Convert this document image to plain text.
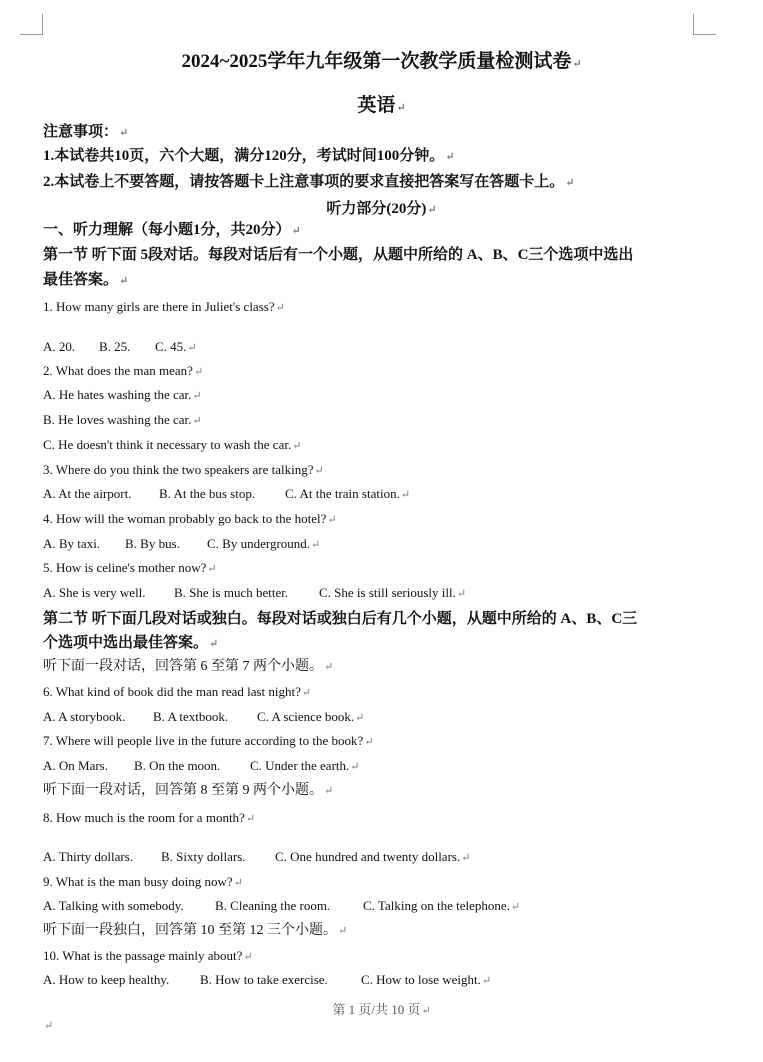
2024~2025学年九年级第一次教学质量检测试卷↵
英语↵
注意事项：↵
1.本试卷共10页，六个大题，满分120分，考试时间100分钟。↵
2.本试卷上不要答题，请按答题卡上注意事项的要求直接把答案写在答题卡上。↵
听力部分(20分)↵
一、听力理解（每小题1分，共20分）↵
第一节 听下面 5段对话。每段对话后有一个小题，从题中所给的 A、B、C三个选项中选出
最佳答案。↵
1. How many girls are there in Juliet's class?↵
A. 20. B. 25. C. 45.↵
2. What does the man mean?↵
A. He hates washing the car.↵
B. He loves washing the car.↵
C. He doesn't think it necessary to wash the car.↵
3. Where do you think the two speakers are talking?↵
A. At the airport. B. At the bus stop. C. At the train station.↵
4. How will the woman probably go back to the hotel?↵
A. By taxi. B. By bus. C. By underground.↵
5. How is celine's mother now?↵
A. She is very well. B. She is much better. C. She is still seriously ill.↵
第二节 听下面几段对话或独白。每段对话或独白后有几个小题，从题中所给的 A、B、C三
个选项中选出最佳答案。↵
听下面一段对话，回答第 6 至第 7 两个小题。↵
6. What kind of book did the man read last night?↵
A. A storybook. B. A textbook. C. A science book.↵
7. Where will people live in the future according to the book?↵
A. On Mars. B. On the moon. C. Under the earth.↵
听下面一段对话，回答第 8 至第 9 两个小题。↵
8. How much is the room for a month?↵
A. Thirty dollars. B. Sixty dollars. C. One hundred and twenty dollars.↵
9. What is the man busy doing now?↵
A. Talking with somebody. B. Cleaning the room.	C. Talking on the telephone.↵
听下面一段独白，回答第 10 至第 12 三个小题。↵
10. What is the passage mainly about?↵
A. How to keep healthy. B. How to take exercise.	C. How to lose weight.↵
第 1 页/共 10 页↵
↵
